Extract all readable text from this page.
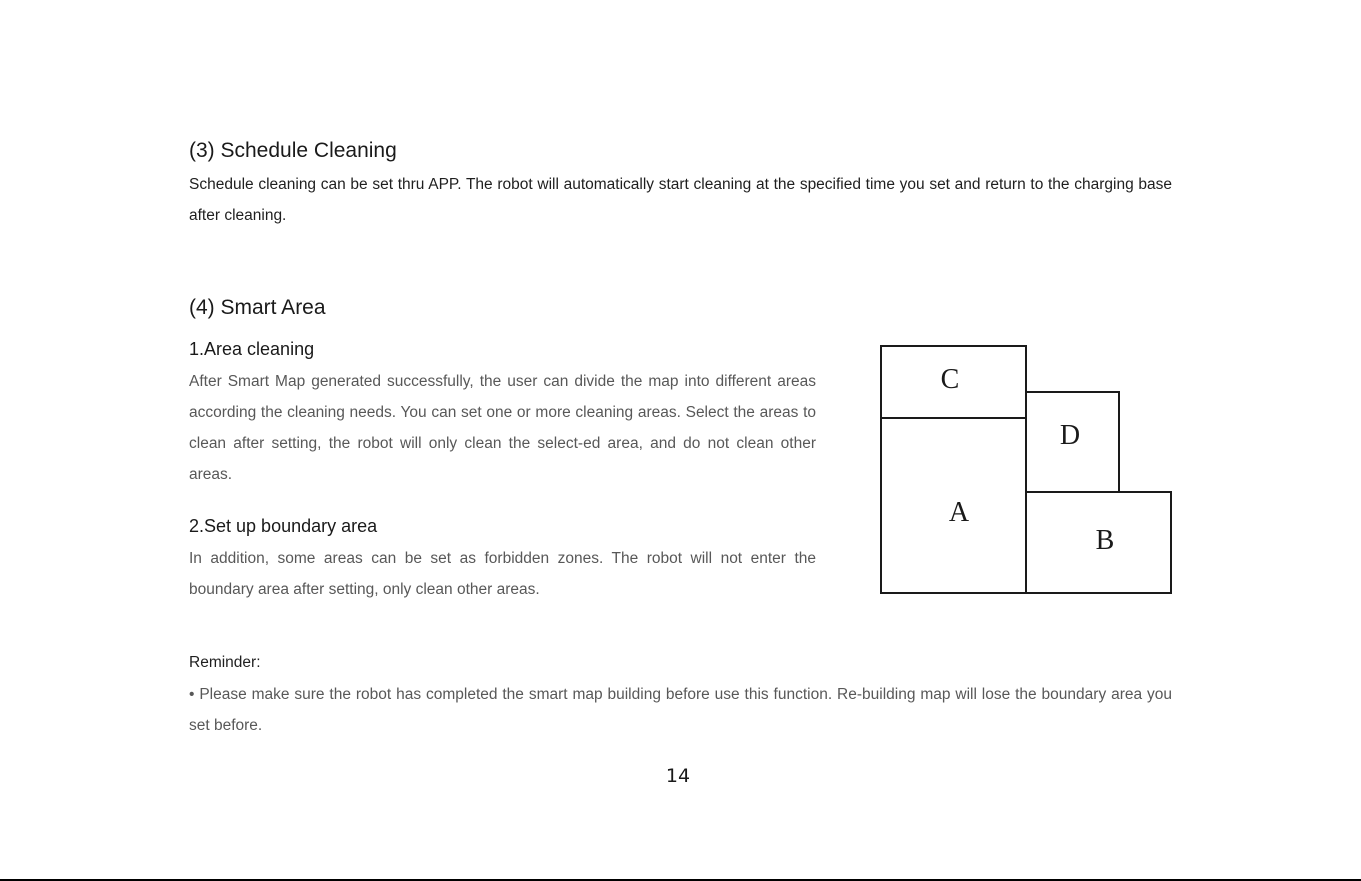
(3) Schedule Cleaning

Schedule cleaning can be set thru APP. The robot will automatically start cleaning at the specified time you set and return to the charging base after cleaning.

(4) Smart Area
1.Area cleaning

After Smart Map generated successfully, the user can divide the map into different areas according the cleaning needs. You can set one or more cleaning areas. Select the areas to clean after setting, the robot will only clean the select-ed area, and do not clean other areas.

2.Set up boundary area

In addition, some areas can be set as forbidden zones. The robot will not enter the boundary area after setting, only clean other areas.

C
D
A
B
Reminder:

• Please make sure the robot has completed the smart map building before use this function. Re-building map will lose the boundary area you set before.

14
